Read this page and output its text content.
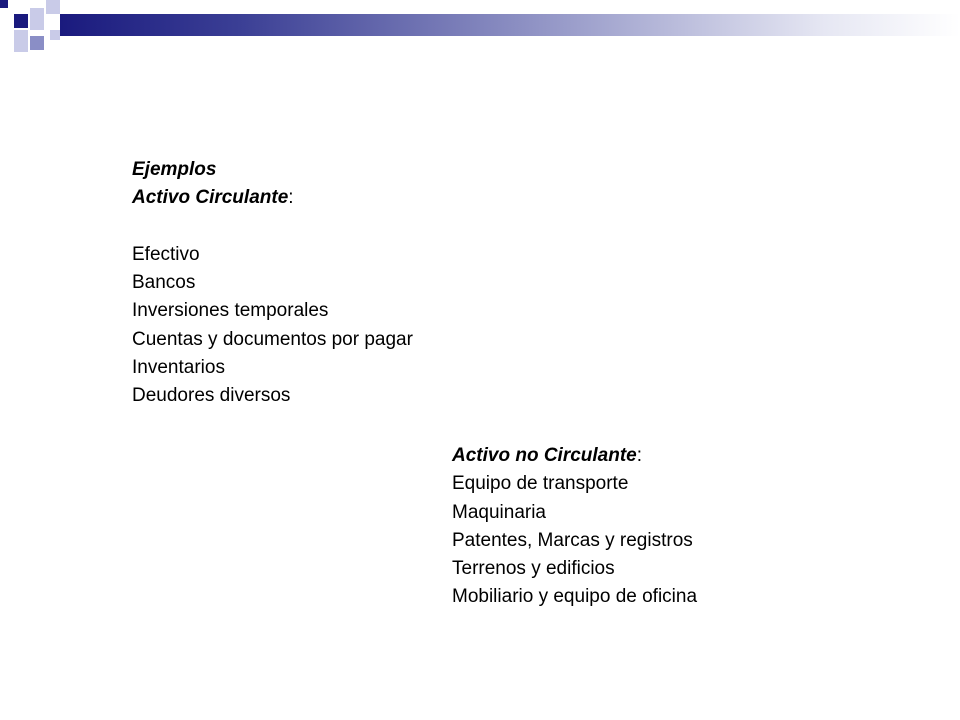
Ejemplos
Activo Circulante:
Efectivo
Bancos
Inversiones temporales
Cuentas y documentos por pagar
Inventarios
Deudores diversos
Activo no Circulante:
Equipo de transporte
Maquinaria
Patentes, Marcas y registros
Terrenos y edificios
Mobiliario y equipo de oficina
